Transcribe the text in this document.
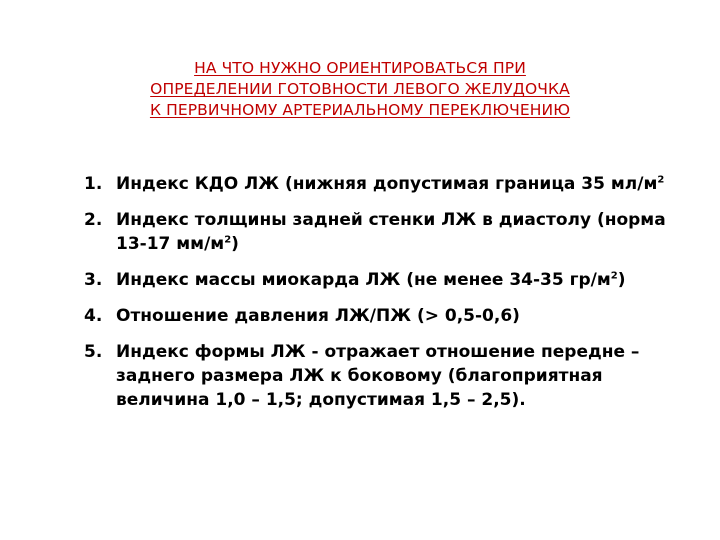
НА ЧТО НУЖНО ОРИЕНТИРОВАТЬСЯ ПРИ
ОПРЕДЕЛЕНИИ ГОТОВНОСТИ ЛЕВОГО ЖЕЛУДОЧКА
К ПЕРВИЧНОМУ АРТЕРИАЛЬНОМУ ПЕРЕКЛЮЧЕНИЮ
1. Индекс КДО ЛЖ (нижняя допустимая граница 35 $мл/м^2$
2. Индекс толщины задней стенки ЛЖ в диастолу (норма 13-17 $мм/м^2$)
3. Индекс массы миокарда ЛЖ (не менее 34-35 $гр/м^2$)
4. Отношение давления ЛЖ/ПЖ (> 0,5-0,6)
5. Индекс формы ЛЖ - отражает отношение передне – заднего размера ЛЖ к боковому (благоприятная величина 1,0 – 1,5; допустимая 1,5 – 2,5).
